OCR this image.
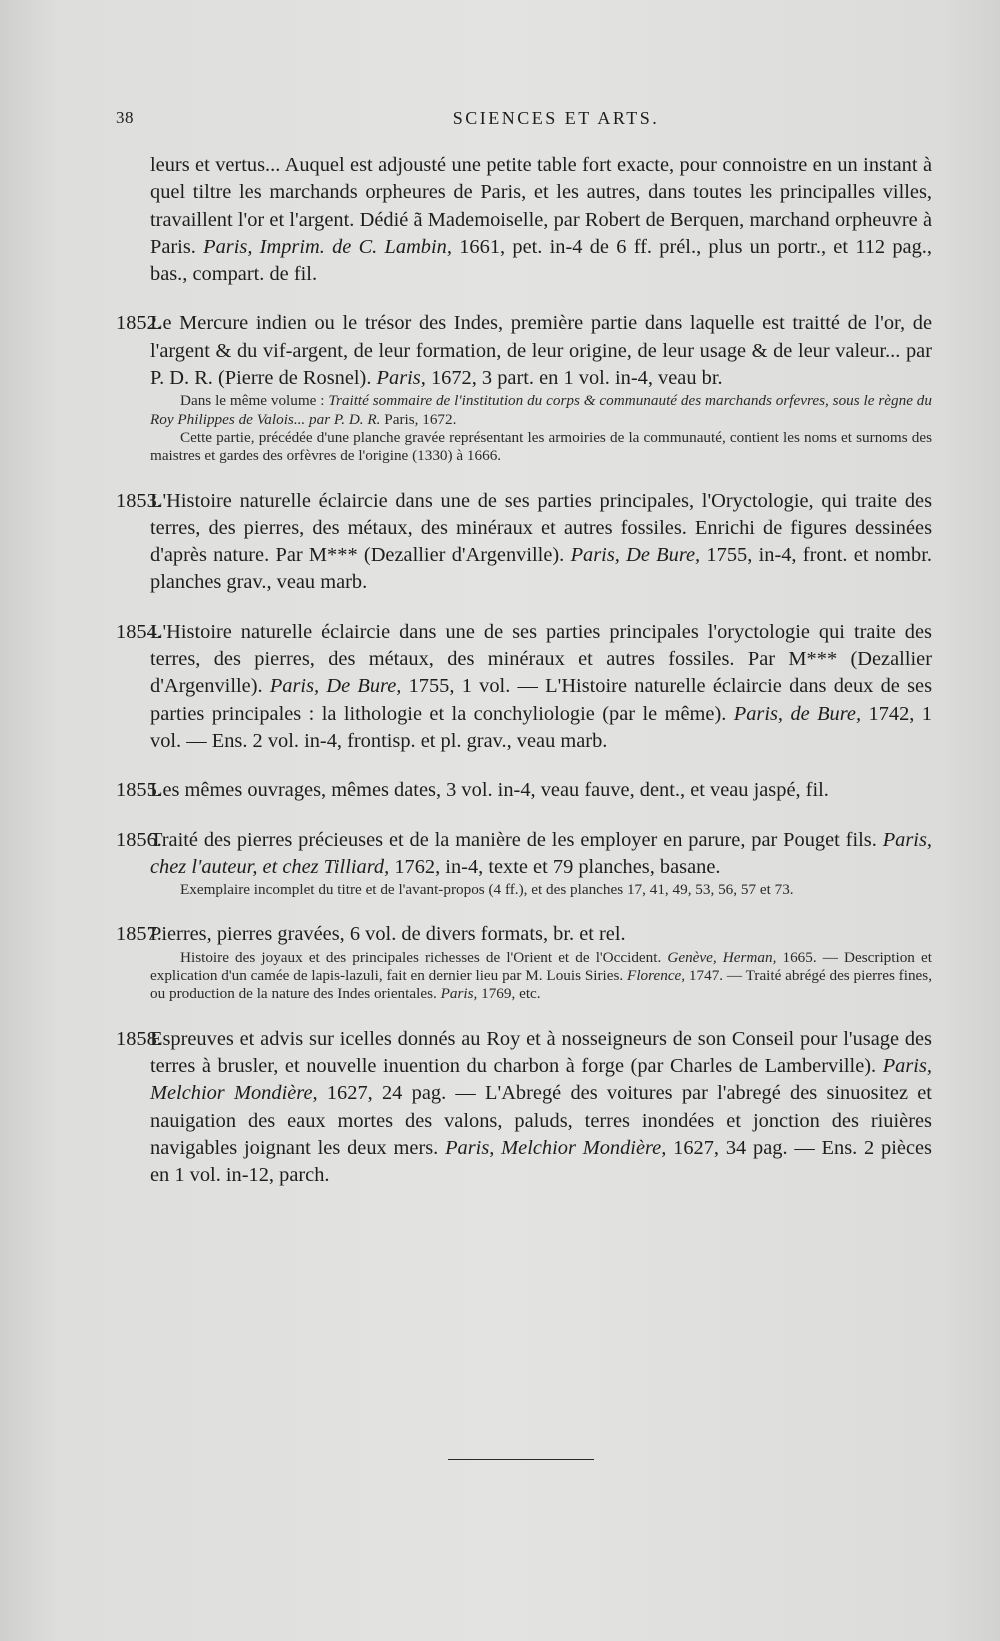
38	SCIENCES ET ARTS.

leurs et vertus... Auquel est adjousté une petite table fort exacte, pour connoistre en un instant à quel tiltre les marchands orpheures de Paris, et les autres, dans toutes les principalles villes, travaillent l'or et l'argent. Dédié ã Mademoiselle, par Robert de Berquen, marchand orpheuvre à Paris. Paris, Imprim. de C. Lambin, 1661, pet. in-4 de 6 ff. prél., plus un portr., et 112 pag., bas., compart. de fil.

1852.

Le Mercure indien ou le trésor des Indes, première partie dans laquelle est traitté de l'or, de l'argent & du vif-argent, de leur formation, de leur origine, de leur usage & de leur valeur... par P. D. R. (Pierre de Rosnel). Paris, 1672, 3 part. en 1 vol. in-4, veau br.

Dans le même volume : Traitté sommaire de l'institution du corps & communauté des marchands orfevres, sous le règne du Roy Philippes de Valois... par P. D. R. Paris, 1672.

Cette partie, précédée d'une planche gravée représentant les armoiries de la communauté, contient les noms et surnoms des maistres et gardes des orfèvres de l'origine (1330) à 1666.

1853.

L'Histoire naturelle éclaircie dans une de ses parties principales, l'Oryctologie, qui traite des terres, des pierres, des métaux, des minéraux et autres fossiles. Enrichi de figures dessinées d'après nature. Par M*** (Dezallier d'Argenville). Paris, De Bure, 1755, in-4, front. et nombr. planches grav., veau marb.

1854.

L'Histoire naturelle éclaircie dans une de ses parties principales l'oryctologie qui traite des terres, des pierres, des métaux, des minéraux et autres fossiles. Par M*** (Dezallier d'Argenville). Paris, De Bure, 1755, 1 vol. — L'Histoire naturelle éclaircie dans deux de ses parties principales : la lithologie et la conchyliologie (par le même). Paris, de Bure, 1742, 1 vol. — Ens. 2 vol. in-4, frontisp. et pl. grav., veau marb.

1855.

Les mêmes ouvrages, mêmes dates, 3 vol. in-4, veau fauve, dent., et veau jaspé, fil.

1856.

Traité des pierres précieuses et de la manière de les employer en parure, par Pouget fils. Paris, chez l'auteur, et chez Tilliard, 1762, in-4, texte et 79 planches, basane.

Exemplaire incomplet du titre et de l'avant-propos (4 ff.), et des planches 17, 41, 49, 53, 56, 57 et 73.

1857.

Pierres, pierres gravées, 6 vol. de divers formats, br. et rel.

Histoire des joyaux et des principales richesses de l'Orient et de l'Occident. Genève, Herman, 1665. — Description et explication d'un camée de lapis-lazuli, fait en dernier lieu par M. Louis Siries. Florence, 1747. — Traité abrégé des pierres fines, ou production de la nature des Indes orientales. Paris, 1769, etc.

1858.

Espreuves et advis sur icelles donnés au Roy et à nosseigneurs de son Conseil pour l'usage des terres à brusler, et nouvelle inuention du charbon à forge (par Charles de Lamberville). Paris, Melchior Mondière, 1627, 24 pag. — L'Abregé des voitures par l'abregé des sinuositez et nauigation des eaux mortes des valons, paluds, terres inondées et jonction des riuières navigables joignant les deux mers. Paris, Melchior Mondière, 1627, 34 pag. — Ens. 2 pièces en 1 vol. in-12, parch.
